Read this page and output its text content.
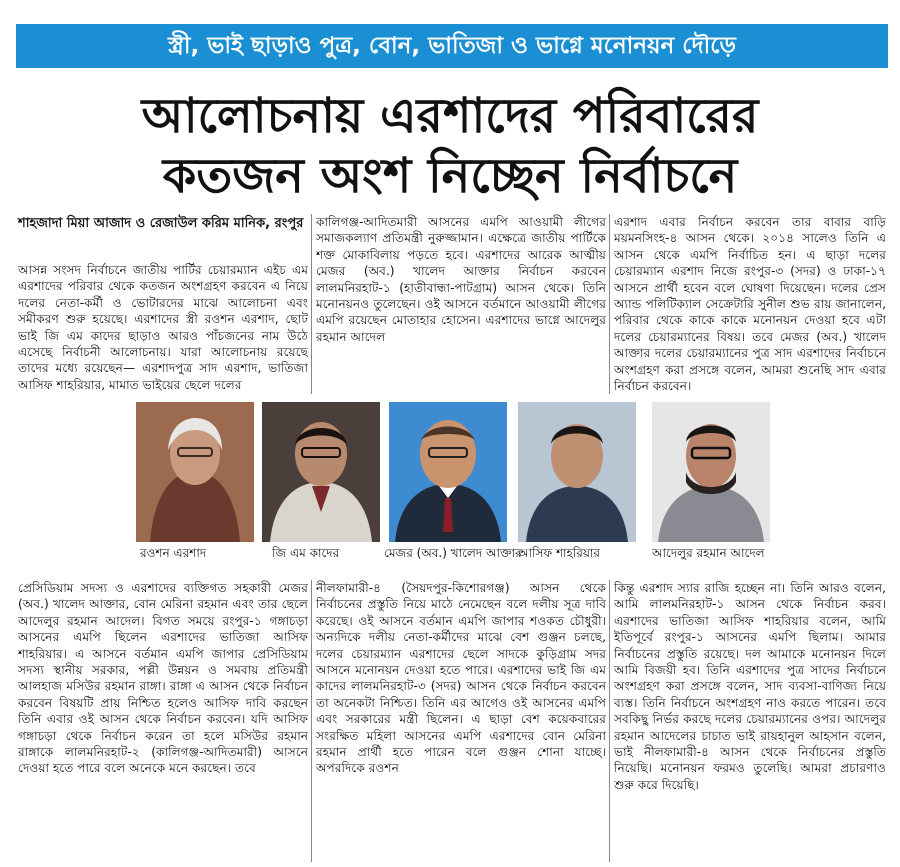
স্ত্রী, ভাই ছাড়াও পুত্র, বোন, ভাতিজা ও ভাগ্নে মনোনয়ন দৌড়ে
আলোচনায় এরশাদের পরিবারের
কতজন অংশ নিচ্ছেন নির্বাচনে
শাহজাদা মিয়া আজাদ ও রেজাউল করিম মানিক, রংপুর
আসন্ন সংসদ নির্বাচনে জাতীয় পার্টির চেয়ারম্যান এইচ এম এরশাদের পরিবার থেকে কতজন অংশগ্রহণ করবেন এ নিয়ে দলের নেতা-কর্মী ও ভোটারদের মাঝে আলোচনা এবং সমীকরণ শুরু হয়েছে। এরশাদের স্ত্রী রওশন এরশাদ, ছোট ভাই জি এম কাদের ছাড়াও আরও পাঁচজনের নাম উঠে এসেছে নির্বাচনী আলোচনায়। যারা আলোচনায় রয়েছে তাদের মধ্যে রয়েছেন— এরশাদপুত্র সাদ এরশাদ, ভাতিজা আসিফ শাহরিয়ার, মামাত ভাইয়ের ছেলে দলের
কালিগঞ্জ-আদিতমারী আসনের এমপি আওয়ামী লীগের সমাজকল্যাণ প্রতিমন্ত্রী নুরুজ্জামান। এক্ষেত্রে জাতীয় পার্টিকে শক্ত মোকাবিলায় পড়তে হবে। এরশাদের আরেক আত্মীয় মেজর (অব.) খালেদ আক্তার নির্বাচন করবেন লালমনিরহাট-১ (হাতীবান্ধা-পাটগ্রাম) আসন থেকে। তিনি মনোনয়নও তুলেছেন। ওই আসনে বর্তমানে আওয়ামী লীগের এমপি রয়েছেন মোতাহার হোসেন। এরশাদের ভাগ্নে আদেলুর রহমান আদেল
এরশাদ এবার নির্বাচন করবেন তার বাবার বাড়ি ময়মনসিংহ-৪ আসন থেকে। ২০১৪ সালেও তিনি এ আসন থেকে এমপি নির্বাচিত হন। এ ছাড়া দলের চেয়ারম্যান এরশাদ নিজে রংপুর-৩ (সদর) ও ঢাকা-১৭ আসনে প্রার্থী হবেন বলে ঘোষণা দিয়েছেন। দলের প্রেস অ্যান্ড পলিটিক্যাল সেক্রেটারি সুনীল শুভ রায় জানালেন, পরিবার থেকে কাকে কাকে মনোনয়ন দেওয়া হবে এটা দলের চেয়ারম্যানের বিষয়। তবে মেজর (অব.) খালেদ আক্তার দলের চেয়ারম্যানের পুত্র সাদ এরশাদের নির্বাচনে অংশগ্রহণ করা প্রসঙ্গে বলেন, আমরা শুনেছি সাদ এবার নির্বাচন করবেন।
রওশন এরশাদ	জি এম কাদের	মেজর (অব.) খালেদ আক্তার
আসিফ শাহরিয়ার	আদেলুর রহমান আদেল
প্রেসিডিয়াম সদস্য ও এরশাদের ব্যক্তিগত সহকারী মেজর (অব.) খালেদ আক্তার, বোন মেরিনা রহমান এবং তার ছেলে আদেলুর রহমান আদেল। বিগত সময়ে রংপুর-১ গঙ্গাচড়া আসনের এমপি ছিলেন এরশাদের ভাতিজা আসিফ শাহরিয়ার। এ আসনে বর্তমান এমপি জাপার প্রেসিডিয়াম সদস্য স্থানীয় সরকার, পল্লী উন্নয়ন ও সমবায় প্রতিমন্ত্রী আলহাজ মসিউর রহমান রাঙ্গা। রাঙ্গা এ আসন থেকে নির্বাচন করবেন বিষয়টি প্রায় নিশ্চিত হলেও আসিফ দাবি করছেন তিনি এবার ওই আসন থেকে নির্বাচন করবেন। যদি আসিফ গঙ্গাচড়া থেকে নির্বাচন করেন তা হলে মসিউর রহমান রাঙ্গাকে লালমনিরহাট-২ (কালিগঞ্জ-আদিতমারী) আসনে দেওয়া হতে পারে বলে অনেকে মনে করছেন। তবে
নীলফামারী-৪ (সৈয়দপুর-কিশোরগঞ্জ) আসন থেকে নির্বাচনের প্রস্তুতি নিয়ে মাঠে নেমেছেন বলে দলীয় সূত্র দাবি করেছে। ওই আসনে বর্তমান এমপি জাপার শওকত চৌধুরী। অন্যদিকে দলীয় নেতা-কর্মীদের মাঝে বেশ গুঞ্জন চলছে, দলের চেয়ারম্যান এরশাদের ছেলে সাদকে কুড়িগ্রাম সদর আসনে মনোনয়ন দেওয়া হতে পারে। এরশাদের ভাই জি এম কাদের লালমনিরহাট-৩ (সদর) আসন থেকে নির্বাচন করবেন তা অনেকটা নিশ্চিত। তিনি এর আগেও ওই আসনের এমপি এবং সরকারের মন্ত্রী ছিলেন। এ ছাড়া বেশ কয়েকবারের সংরক্ষিত মহিলা আসনের এমপি এরশাদের বোন মেরিনা রহমান প্রার্থী হতে পারেন বলে গুঞ্জন শোনা যাচ্ছে। অপরদিকে রওশন
কিন্তু এরশাদ স্যার রাজি হচ্ছেন না। তিনি আরও বলেন, আমি লালমনিরহাট-১ আসন থেকে নির্বাচন করব। এরশাদের ভাতিজা আসিফ শাহরিয়ার বলেন, আমি ইতিপূর্বে রংপুর-১ আসনের এমপি ছিলাম। আমার নির্বাচনের প্রস্তুতি রয়েছে। দল আমাকে মনোনয়ন দিলে আমি বিজয়ী হব। তিনি এরশাদের পুত্র সাদের নির্বাচনে অংশগ্রহণ করা প্রসঙ্গে বলেন, সাদ ব্যবসা-বাণিজ্য নিয়ে ব্যস্ত। তিনি নির্বাচনে অংশগ্রহণ নাও করতে পারেন। তবে সবকিছু নির্ভর করছে দলের চেয়ারম্যানের ওপর। আদেলুর রহমান আদেলের চাচাত ভাই রায়হানুল আহসান বলেন, ভাই নীলফামারী-৪ আসন থেকে নির্বাচনের প্রস্তুতি নিয়েছি। মনোনয়ন ফরমও তুলেছি। আমরা প্রচারণাও শুরু করে দিয়েছি।
